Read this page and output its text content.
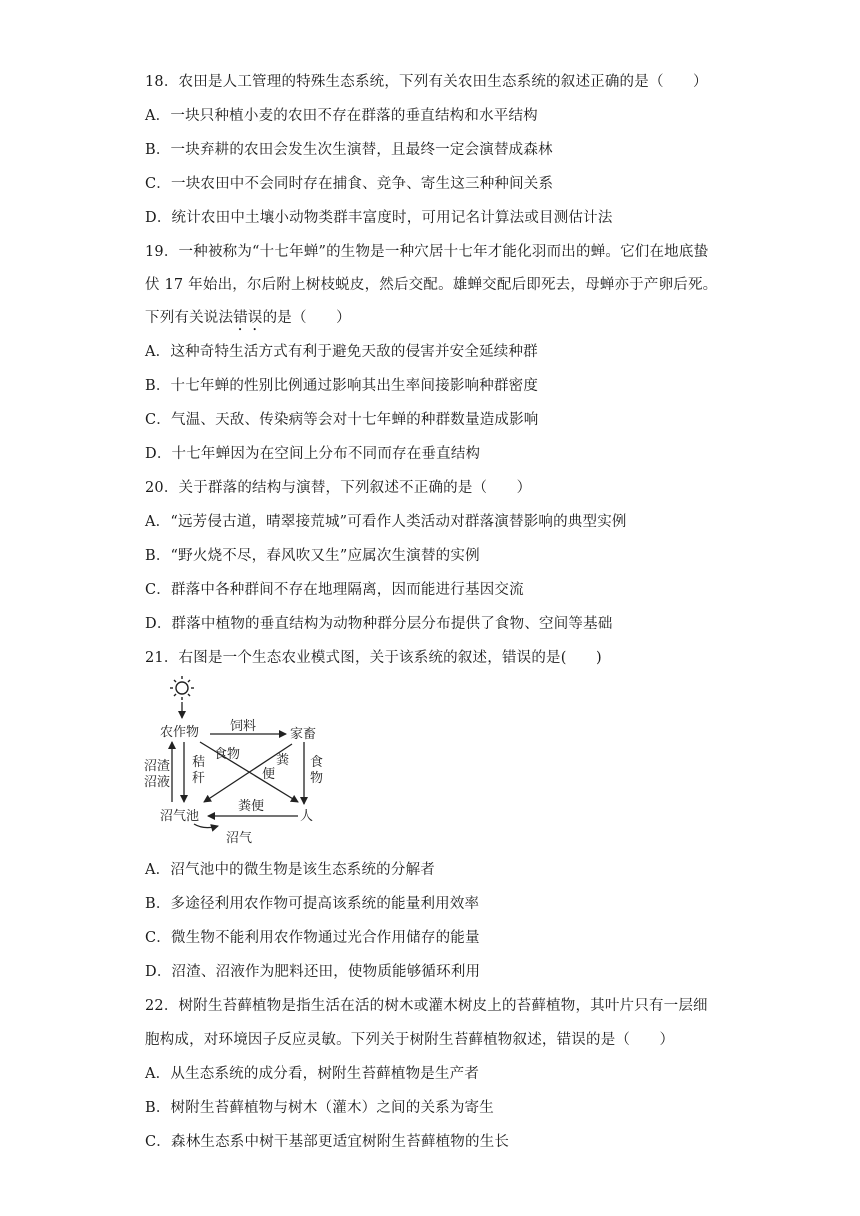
18．农田是人工管理的特殊生态系统，下列有关农田生态系统的叙述正确的是（　　）
A．一块只种植小麦的农田不存在群落的垂直结构和水平结构
B．一块弃耕的农田会发生次生演替，且最终一定会演替成森林
C．一块农田中不会同时存在捕食、竞争、寄生这三种种间关系
D．统计农田中土壤小动物类群丰富度时，可用记名计算法或目测估计法
19．一种被称为“十七年蝉”的生物是一种穴居十七年才能化羽而出的蝉。它们在地底蛰
伏 17 年始出，尔后附上树枝蜕皮，然后交配。雄蝉交配后即死去，母蝉亦于产卵后死。
下列有关说法错误的是（　　）
A．这种奇特生活方式有利于避免天敌的侵害并安全延续种群
B．十七年蝉的性别比例通过影响其出生率间接影响种群密度
C．气温、天敌、传染病等会对十七年蝉的种群数量造成影响
D．十七年蝉因为在空间上分布不同而存在垂直结构
20．关于群落的结构与演替，下列叙述不正确的是（　　）
A．“远芳侵古道，晴翠接荒城”可看作人类活动对群落演替影响的典型实例
B．“野火烧不尽，春风吹又生”应属次生演替的实例
C．群落中各种群间不存在地理隔离，因而能进行基因交流
D．群落中植物的垂直结构为动物种群分层分布提供了食物、空间等基础
21．右图是一个生态农业模式图，关于该系统的叙述，错误的是(　　)
农作物 饲料
家畜
食物	粪
便
沼渣
沼液
秸
秆
食
物
沼气池
粪便
人
沼气
A．沼气池中的微生物是该生态系统的分解者
B．多途径利用农作物可提高该系统的能量利用效率
C．微生物不能利用农作物通过光合作用储存的能量
D．沼渣、沼液作为肥料还田，使物质能够循环利用
22．树附生苔藓植物是指生活在活的树木或灌木树皮上的苔藓植物，其叶片只有一层细
胞构成，对环境因子反应灵敏。下列关于树附生苔藓植物叙述，错误的是（　　）
A．从生态系统的成分看，树附生苔藓植物是生产者
B．树附生苔藓植物与树木（灌木）之间的关系为寄生
C．森林生态系中树干基部更适宜树附生苔藓植物的生长
